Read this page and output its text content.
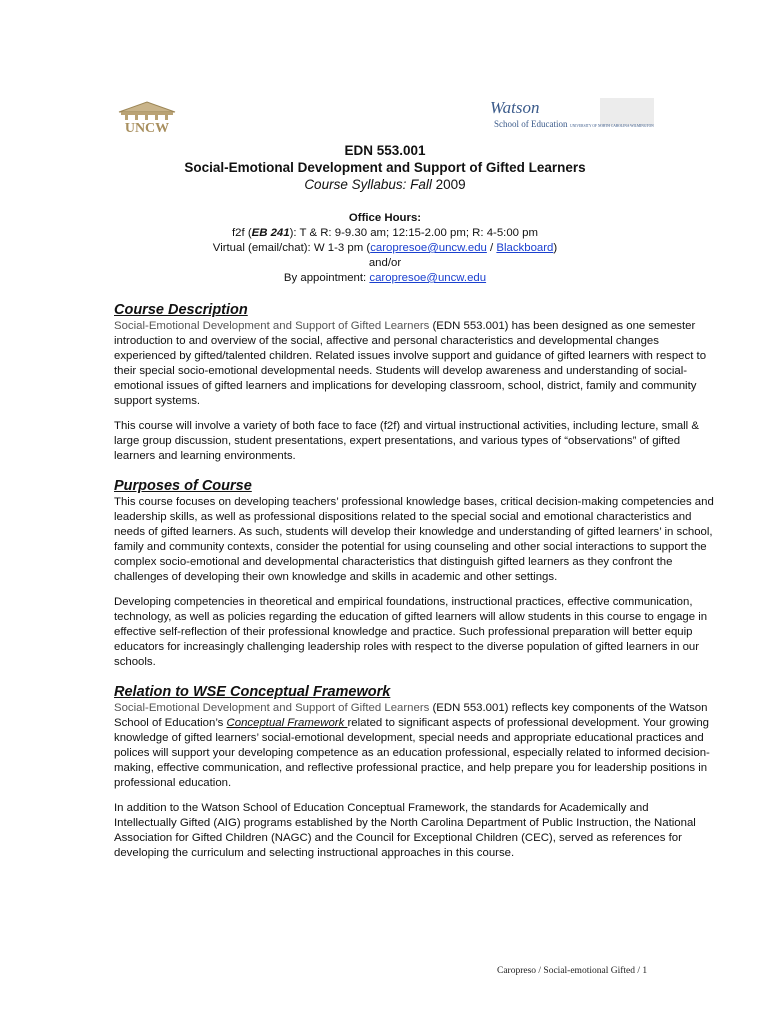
UNCW
Watson
School of Education UNIVERSITY OF NORTH CAROLINA WILMINGTON
EDN 553.001
Social-Emotional Development and Support of Gifted Learners
Course Syllabus: Fall 2009
Office Hours:
f2f (EB 241): T & R: 9-9.30 am; 12:15-2.00 pm; R: 4-5:00 pm
Virtual (email/chat): W 1-3 pm (caropresoe@uncw.edu / Blackboard)
and/or
By appointment: caropresoe@uncw.edu
Course Description

Social-Emotional Development and Support of Gifted Learners (EDN 553.001) has been designed as one semester introduction to and overview of the social, affective and personal characteristics and developmental changes experienced by gifted/talented children. Related issues involve support and guidance of gifted learners with respect to their special socio-emotional developmental needs. Students will develop awareness and understanding of social-emotional issues of gifted learners and implications for developing classroom, school, district, family and community support systems.

This course will involve a variety of both face to face (f2f) and virtual instructional activities, including lecture, small & large group discussion, student presentations, expert presentations, and various types of “observations” of gifted learners and learning environments.

Purposes of Course

This course focuses on developing teachers’ professional knowledge bases, critical decision-making competencies and leadership skills, as well as professional dispositions related to the special social and emotional characteristics and needs of gifted learners. As such, students will develop their knowledge and understanding of gifted learners’ in school, family and community contexts, consider the potential for using counseling and other social interactions to support the complex socio-emotional and developmental characteristics that distinguish gifted learners as they confront the challenges of developing their own knowledge and skills in academic and other settings.

Developing competencies in theoretical and empirical foundations, instructional practices, effective communication, technology, as well as policies regarding the education of gifted learners will allow students in this course to engage in effective self-reflection of their professional knowledge and practice. Such professional preparation will better equip educators for increasingly challenging leadership roles with respect to the diverse population of gifted learners in our schools.

Relation to WSE Conceptual Framework

Social-Emotional Development and Support of Gifted Learners (EDN 553.001) reflects key components of the Watson School of Education’s Conceptual Framework related to significant aspects of professional development. Your growing knowledge of gifted learners’ social-emotional development, special needs and appropriate educational practices and polices will support your developing competence as an education professional, especially related to informed decision-making, effective communication, and reflective professional practice, and help prepare you for leadership positions in professional education.

In addition to the Watson School of Education Conceptual Framework, the standards for Academically and Intellectually Gifted (AIG) programs established by the North Carolina Department of Public Instruction, the National Association for Gifted Children (NAGC) and the Council for Exceptional Children (CEC), served as references for developing the curriculum and selecting instructional approaches in this course.

Caropreso / Social-emotional Gifted / 1
